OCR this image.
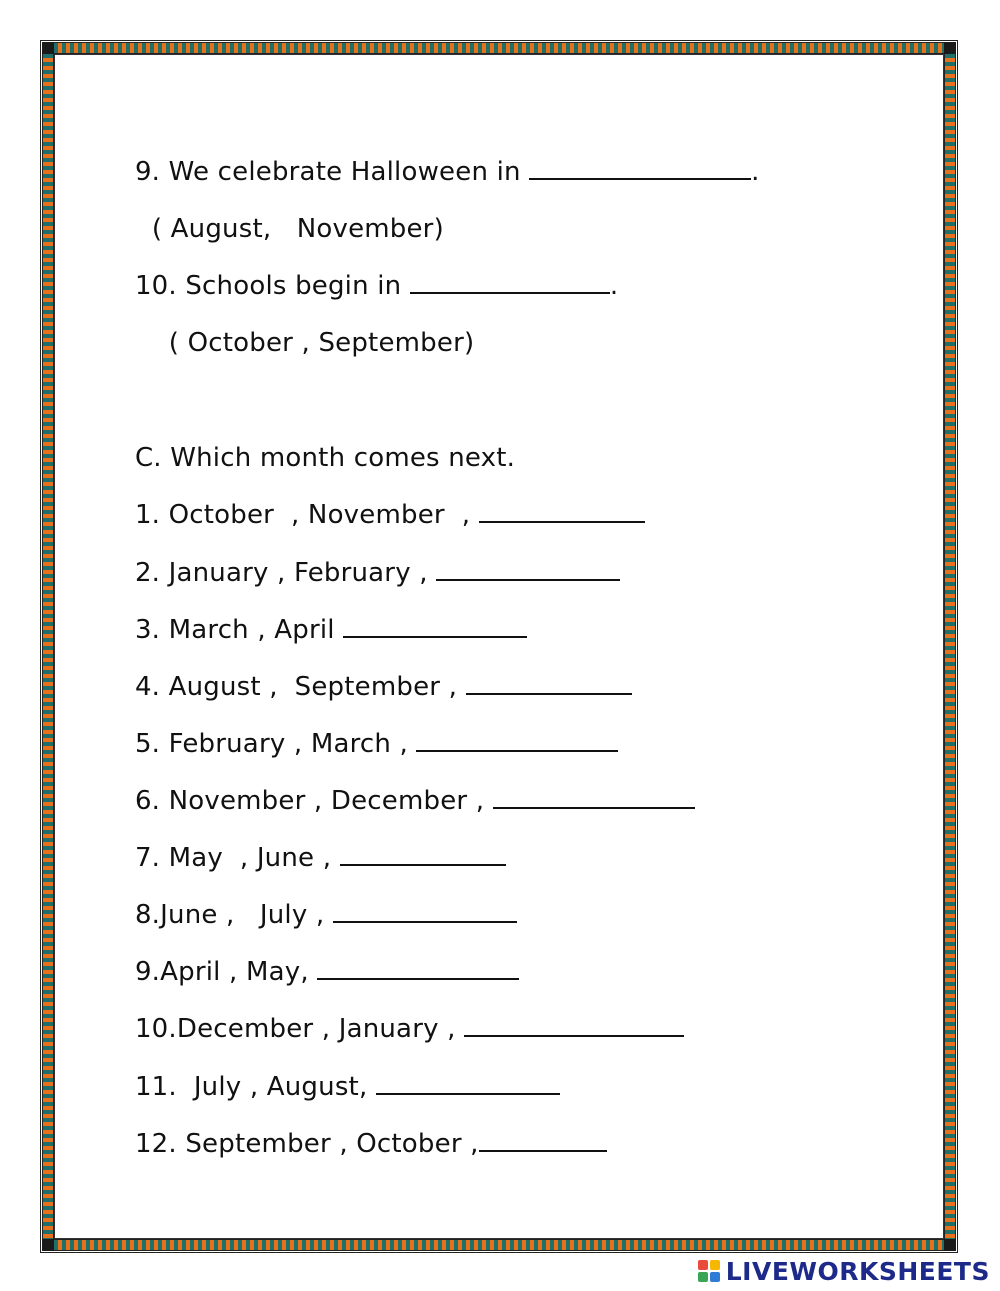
9. We celebrate Halloween in	.

( August,   November)

10. Schools begin in	.

( October , September)

C. Which month comes next.

1. October  , November  ,

2. January , February ,

3. March , April

4. August ,  September ,

5. February , March ,

6. November , December ,

7. May  , June ,

8.June ,   July ,

9.April , May,

10.December , January ,

11.  July , August,

12. September , October ,

LIVEWORKSHEETS
